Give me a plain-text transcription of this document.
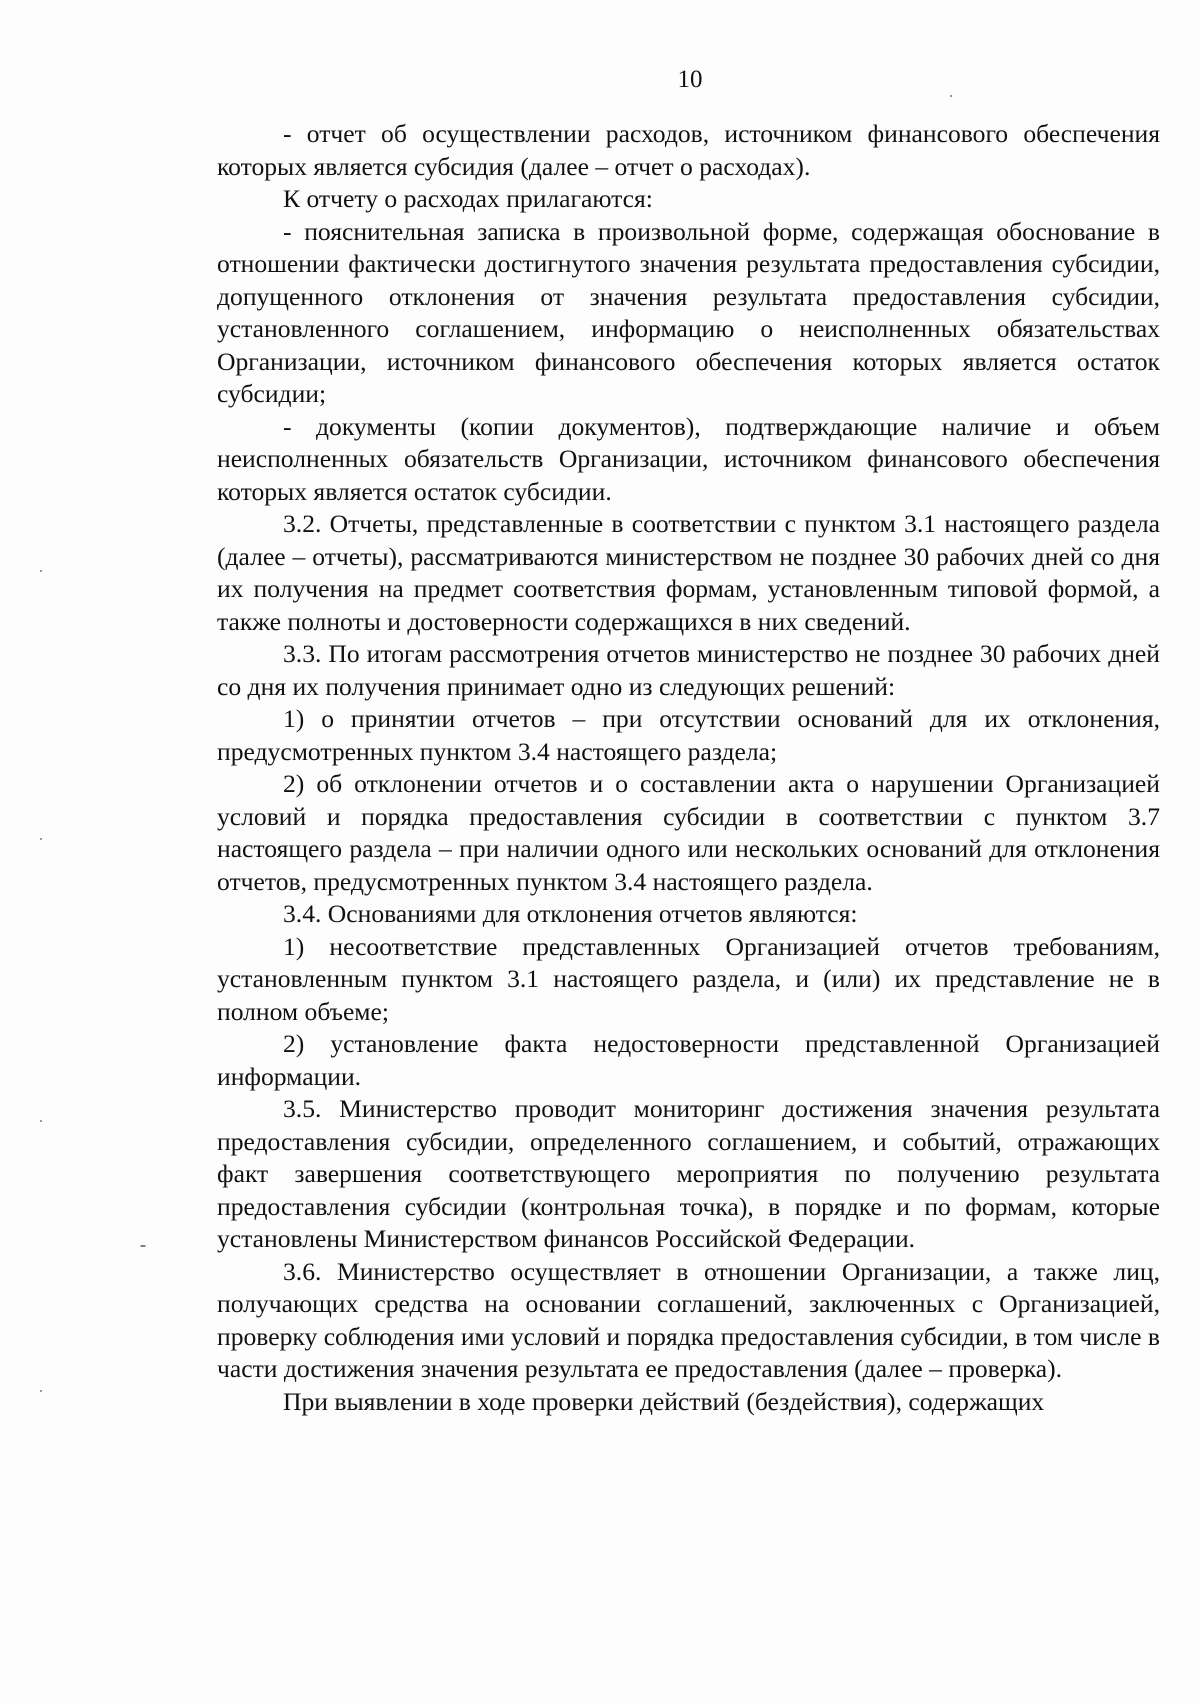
10

- отчет об осуществлении расходов, источником финансового обеспечения которых является субсидия (далее – отчет о расходах).

К отчету о расходах прилагаются:

- пояснительная записка в произвольной форме, содержащая обоснование в отношении фактически достигнутого значения результата предоставления субсидии, допущенного отклонения от значения результата предоставления субсидии, установленного соглашением, информацию о неисполненных обязательствах Организации, источником финансового обеспечения которых является остаток субсидии;

- документы (копии документов), подтверждающие наличие и объем неисполненных обязательств Организации, источником финансового обеспечения которых является остаток субсидии.

3.2. Отчеты, представленные в соответствии с пунктом 3.1 настоящего раздела (далее – отчеты), рассматриваются министерством не позднее 30 рабочих дней со дня их получения на предмет соответствия формам, установленным типовой формой, а также полноты и достоверности содержащихся в них сведений.

3.3. По итогам рассмотрения отчетов министерство не позднее 30 рабочих дней со дня их получения принимает одно из следующих решений:

1) о принятии отчетов – при отсутствии оснований для их отклонения, предусмотренных пунктом 3.4 настоящего раздела;

2) об отклонении отчетов и о составлении акта о нарушении Организацией условий и порядка предоставления субсидии в соответствии с пунктом 3.7 настоящего раздела – при наличии одного или нескольких оснований для отклонения отчетов, предусмотренных пунктом 3.4 настоящего раздела.

3.4. Основаниями для отклонения отчетов являются:

1) несоответствие представленных Организацией отчетов требованиям, установленным пунктом 3.1 настоящего раздела, и (или) их представление не в полном объеме;

2) установление факта недостоверности представленной Организацией информации.

3.5. Министерство проводит мониторинг достижения значения результата предоставления субсидии, определенного соглашением, и событий, отражающих факт завершения соответствующего мероприятия по получению результата предоставления субсидии (контрольная точка), в порядке и по формам, которые установлены Министерством финансов Российской Федерации.

3.6. Министерство осуществляет в отношении Организации, а также лиц, получающих средства на основании соглашений, заключенных с Организацией, проверку соблюдения ими условий и порядка предоставления субсидии, в том числе в части достижения значения результата ее предоставления (далее – проверка).

При выявлении в ходе проверки действий (бездействия), содержащих
